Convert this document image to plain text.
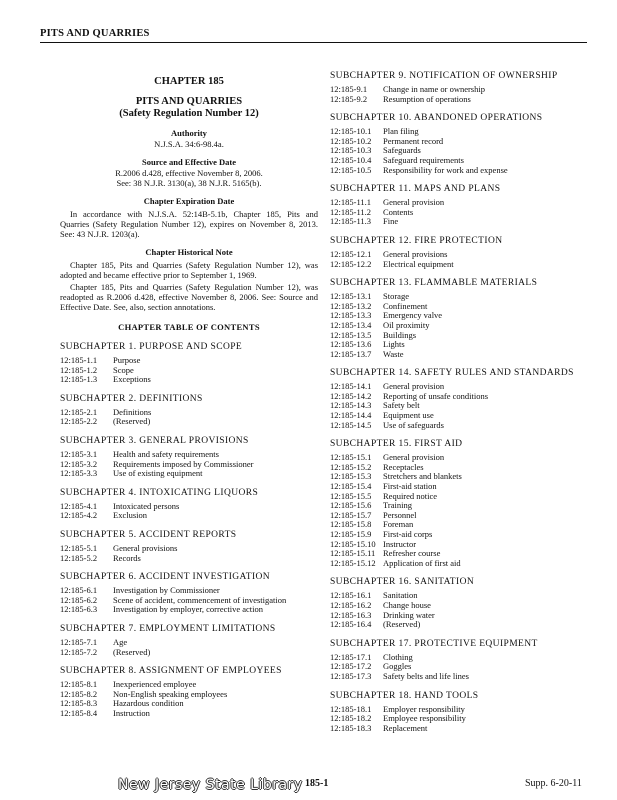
PITS AND QUARRIES
CHAPTER 185
PITS AND QUARRIES
(Safety Regulation Number 12)
Authority
N.J.S.A. 34:6-98.4a.
Source and Effective Date
R.2006 d.428, effective November 8, 2006.
See: 38 N.J.R. 3130(a), 38 N.J.R. 5165(b).
Chapter Expiration Date
In accordance with N.J.S.A. 52:14B-5.1b, Chapter 185, Pits and Quarries (Safety Regulation Number 12), expires on November 8, 2013. See: 43 N.J.R. 1203(a).
Chapter Historical Note
Chapter 185, Pits and Quarries (Safety Regulation Number 12), was adopted and became effective prior to September 1, 1969.
Chapter 185, Pits and Quarries (Safety Regulation Number 12), was readopted as R.2006 d.428, effective November 8, 2006. See: Source and Effective Date. See, also, section annotations.
CHAPTER TABLE OF CONTENTS
SUBCHAPTER 1. PURPOSE AND SCOPE
12:185-1.1	Purpose
12:185-1.2	Scope
12:185-1.3	Exceptions
SUBCHAPTER 2. DEFINITIONS
12:185-2.1	Definitions
12:185-2.2	(Reserved)
SUBCHAPTER 3. GENERAL PROVISIONS
12:185-3.1	Health and safety requirements
12:185-3.2	Requirements imposed by Commissioner
12:185-3.3	Use of existing equipment
SUBCHAPTER 4. INTOXICATING LIQUORS
12:185-4.1	Intoxicated persons
12:185-4.2	Exclusion
SUBCHAPTER 5. ACCIDENT REPORTS
12:185-5.1	General provisions
12:185-5.2	Records
SUBCHAPTER 6. ACCIDENT INVESTIGATION
12:185-6.1	Investigation by Commissioner
12:185-6.2	Scene of accident, commencement of investigation
12:185-6.3	Investigation by employer, corrective action
SUBCHAPTER 7. EMPLOYMENT LIMITATIONS
12:185-7.1	Age
12:185-7.2	(Reserved)
SUBCHAPTER 8. ASSIGNMENT OF EMPLOYEES
12:185-8.1	Inexperienced employee
12:185-8.2	Non-English speaking employees
12:185-8.3	Hazardous condition
12:185-8.4	Instruction
SUBCHAPTER 9. NOTIFICATION OF OWNERSHIP
12:185-9.1	Change in name or ownership
12:185-9.2	Resumption of operations
SUBCHAPTER 10. ABANDONED OPERATIONS
12:185-10.1	Plan filing
12:185-10.2	Permanent record
12:185-10.3	Safeguards
12:185-10.4	Safeguard requirements
12:185-10.5	Responsibility for work and expense
SUBCHAPTER 11. MAPS AND PLANS
12:185-11.1	General provision
12:185-11.2	Contents
12:185-11.3	Fine
SUBCHAPTER 12. FIRE PROTECTION
12:185-12.1	General provisions
12:185-12.2	Electrical equipment
SUBCHAPTER 13. FLAMMABLE MATERIALS
12:185-13.1	Storage
12:185-13.2	Confinement
12:185-13.3	Emergency valve
12:185-13.4	Oil proximity
12:185-13.5	Buildings
12:185-13.6	Lights
12:185-13.7	Waste
SUBCHAPTER 14. SAFETY RULES AND STANDARDS
12:185-14.1	General provision
12:185-14.2	Reporting of unsafe conditions
12:185-14.3	Safety belt
12:185-14.4	Equipment use
12:185-14.5	Use of safeguards
SUBCHAPTER 15. FIRST AID
12:185-15.1	General provision
12:185-15.2	Receptacles
12:185-15.3	Stretchers and blankets
12:185-15.4	First-aid station
12:185-15.5	Required notice
12:185-15.6	Training
12:185-15.7	Personnel
12:185-15.8	Foreman
12:185-15.9	First-aid corps
12:185-15.10 Instructor
12:185-15.11 Refresher course
12:185-15.12 Application of first aid
SUBCHAPTER 16. SANITATION
12:185-16.1	Sanitation
12:185-16.2	Change house
12:185-16.3	Drinking water
12:185-16.4	(Reserved)
SUBCHAPTER 17. PROTECTIVE EQUIPMENT
12:185-17.1	Clothing
12:185-17.2	Goggles
12:185-17.3	Safety belts and life lines
SUBCHAPTER 18. HAND TOOLS
12:185-18.1	Employer responsibility
12:185-18.2	Employee responsibility
12:185-18.3	Replacement
New Jersey State Library 185-1	Supp. 6-20-11
